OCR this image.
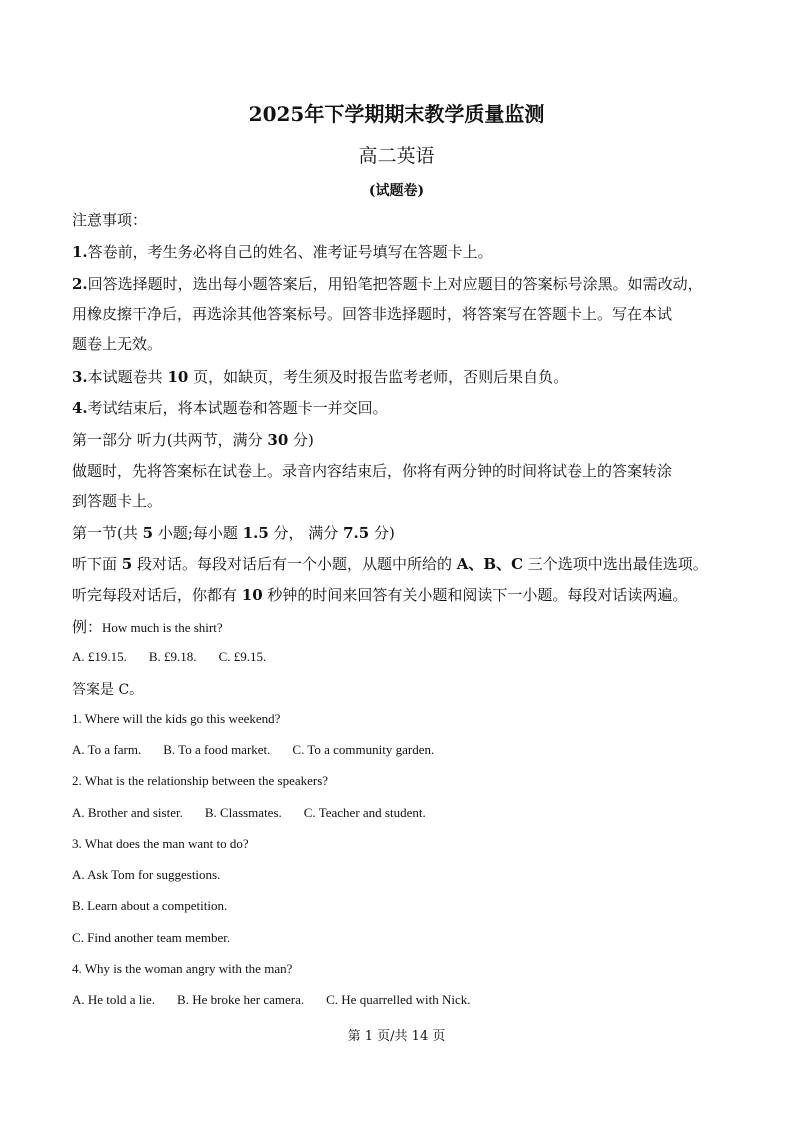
2025年下学期期末教学质量监测
高二英语
(试题卷)
注意事项：
1.答卷前，考生务必将自己的姓名、准考证号填写在答题卡上。
2.回答选择题时，选出每小题答案后，用铅笔把答题卡上对应题目的答案标号涂黑。如需改动，
用橡皮擦干净后，再选涂其他答案标号。回答非选择题时，将答案写在答题卡上。写在本试
题卷上无效。
3.本试题卷共 10 页，如缺页，考生须及时报告监考老师，否则后果自负。
4.考试结束后，将本试题卷和答题卡一并交回。
第一部分 听力(共两节，满分 30 分)
做题时，先将答案标在试卷上。录音内容结束后，你将有两分钟的时间将试卷上的答案转涂
到答题卡上。
第一节(共 5 小题;每小题 1.5 分， 满分 7.5 分)
听下面 5 段对话。每段对话后有一个小题，从题中所给的 A、B、C 三个选项中选出最佳选项。
听完每段对话后，你都有 10 秒钟的时间来回答有关小题和阅读下一小题。每段对话读两遍。
例：How much is the shirt?
A. £19.15. B. £9.18. C. £9.15.
答案是 C。
1. Where will the kids go this weekend?
A. To a farm. B. To a food market. C. To a community garden.
2. What is the relationship between the speakers?
A. Brother and sister. B. Classmates. C. Teacher and student.
3. What does the man want to do?
A. Ask Tom for suggestions.
B. Learn about a competition.
C. Find another team member.
4. Why is the woman angry with the man?
A. He told a lie. B. He broke her camera. C. He quarrelled with Nick.
第 1 页/共 14 页
